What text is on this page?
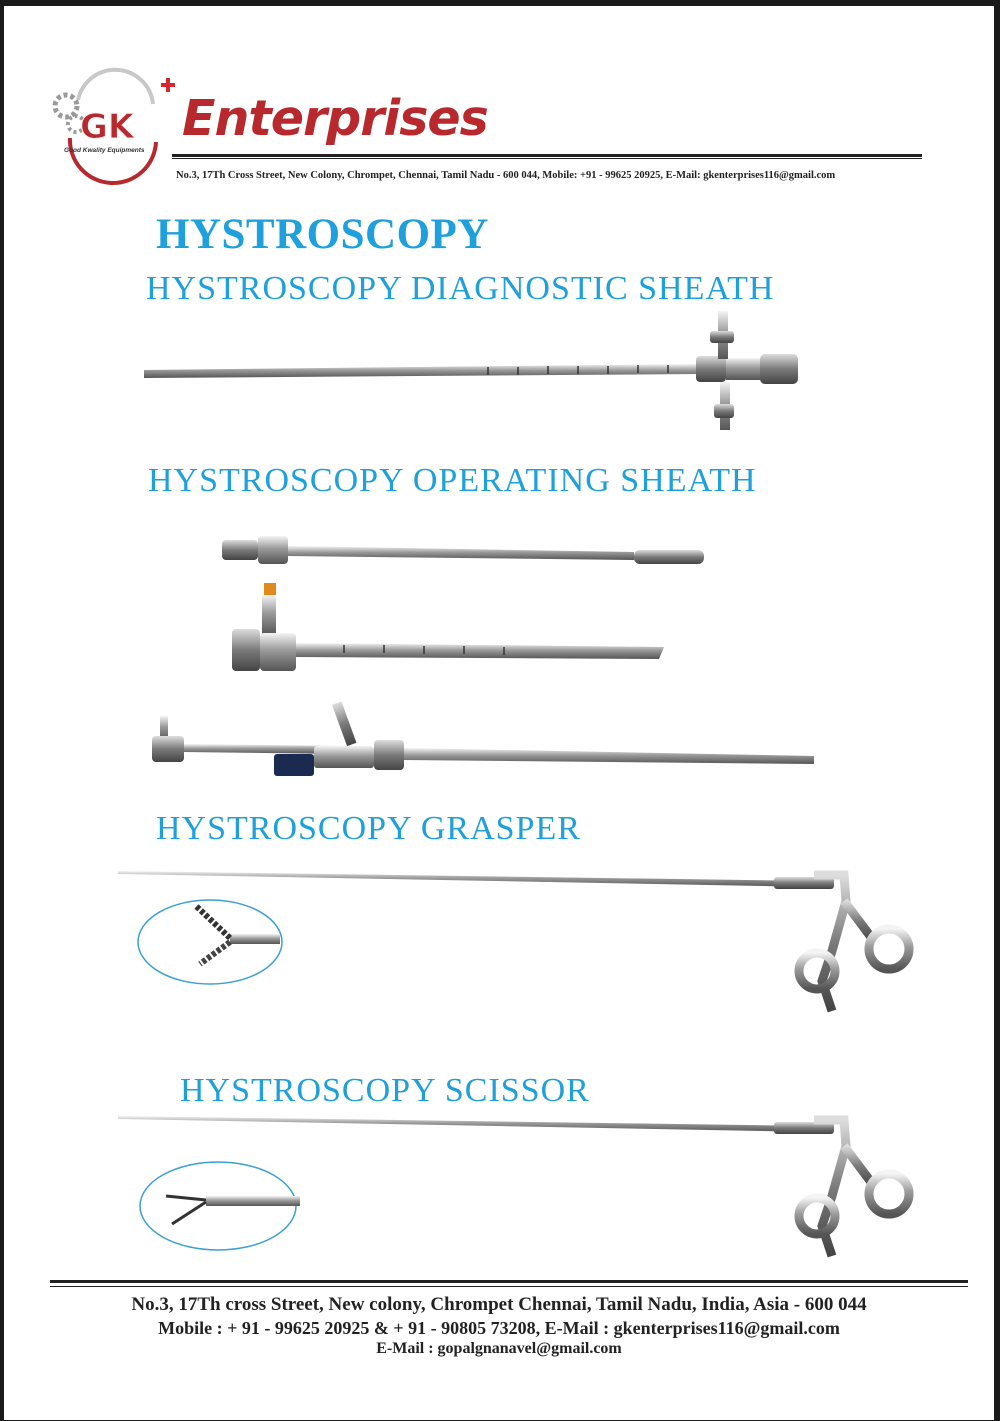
GK
Good Kwality Equipments
Enterprises
No.3, 17Th Cross Street, New Colony, Chrompet, Chennai, Tamil Nadu - 600 044, Mobile: +91 - 99625 20925, E-Mail: gkenterprises116@gmail.com
HYSTROSCOPY
HYSTROSCOPY DIAGNOSTIC SHEATH
HYSTROSCOPY OPERATING SHEATH
HYSTROSCOPY GRASPER
HYSTROSCOPY SCISSOR
No.3, 17Th cross Street, New colony, Chrompet Chennai, Tamil Nadu, India, Asia - 600 044
Mobile : + 91 - 99625 20925 & + 91 - 90805 73208, E-Mail : gkenterprises116@gmail.com
E-Mail : gopalgnanavel@gmail.com
